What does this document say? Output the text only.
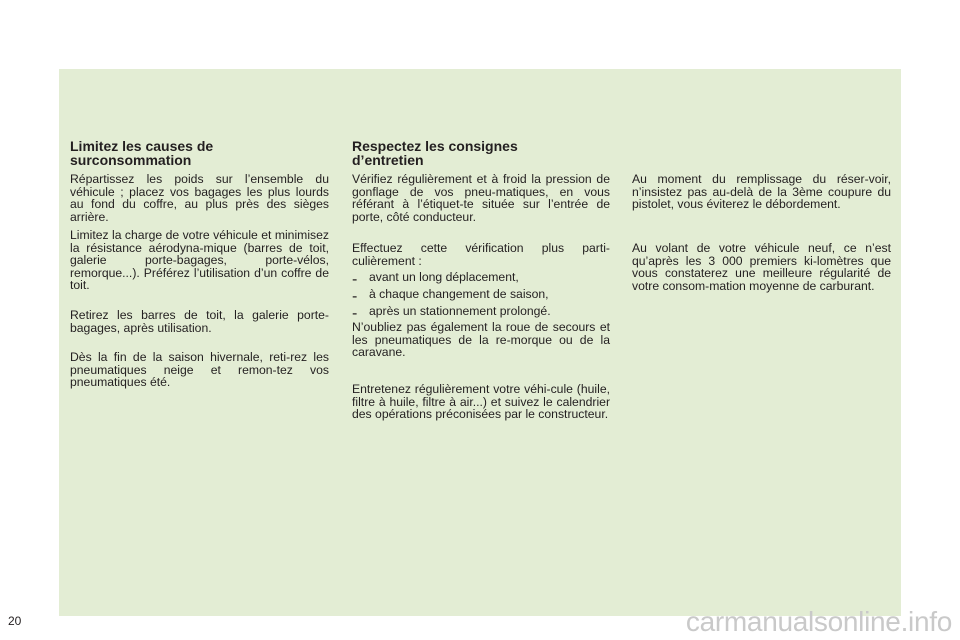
Limitez les causes de surconsommation

Répartissez les poids sur l’ensemble du véhicule ; placez vos bagages les plus lourds au fond du coffre, au plus près des sièges arrière.

Limitez la charge de votre véhicule et minimisez la résistance aérodyna-mique (barres de toit, galerie porte-bagages, porte-vélos, remorque...). Préférez l’utilisation d’un coffre de toit.

Retirez les barres de toit, la galerie porte-bagages, après utilisation.

Dès la fin de la saison hivernale, reti-rez les pneumatiques neige et remon-tez vos pneumatiques été.

Respectez les consignes d’entretien

Vérifiez régulièrement et à froid la pression de gonflage de vos pneu-matiques, en vous référant à l’étiquet-te située sur l’entrée de porte, côté conducteur.

Effectuez cette vérification plus parti-culièrement :

- avant un long déplacement,

- à chaque changement de saison,

- après un stationnement prolongé.

N’oubliez pas également la roue de secours et les pneumatiques de la re-morque ou de la caravane.

Entretenez régulièrement votre véhi-cule (huile, filtre à huile, filtre à air...) et suivez le calendrier des opérations préconisées par le constructeur.

Au moment du remplissage du réser-voir, n’insistez pas au-delà de la 3ème coupure du pistolet, vous éviterez le débordement.

Au volant de votre véhicule neuf, ce n’est qu’après les 3 000 premiers ki-lomètres que vous constaterez une meilleure régularité de votre consom-mation moyenne de carburant.

20	carmanualsonline.info
